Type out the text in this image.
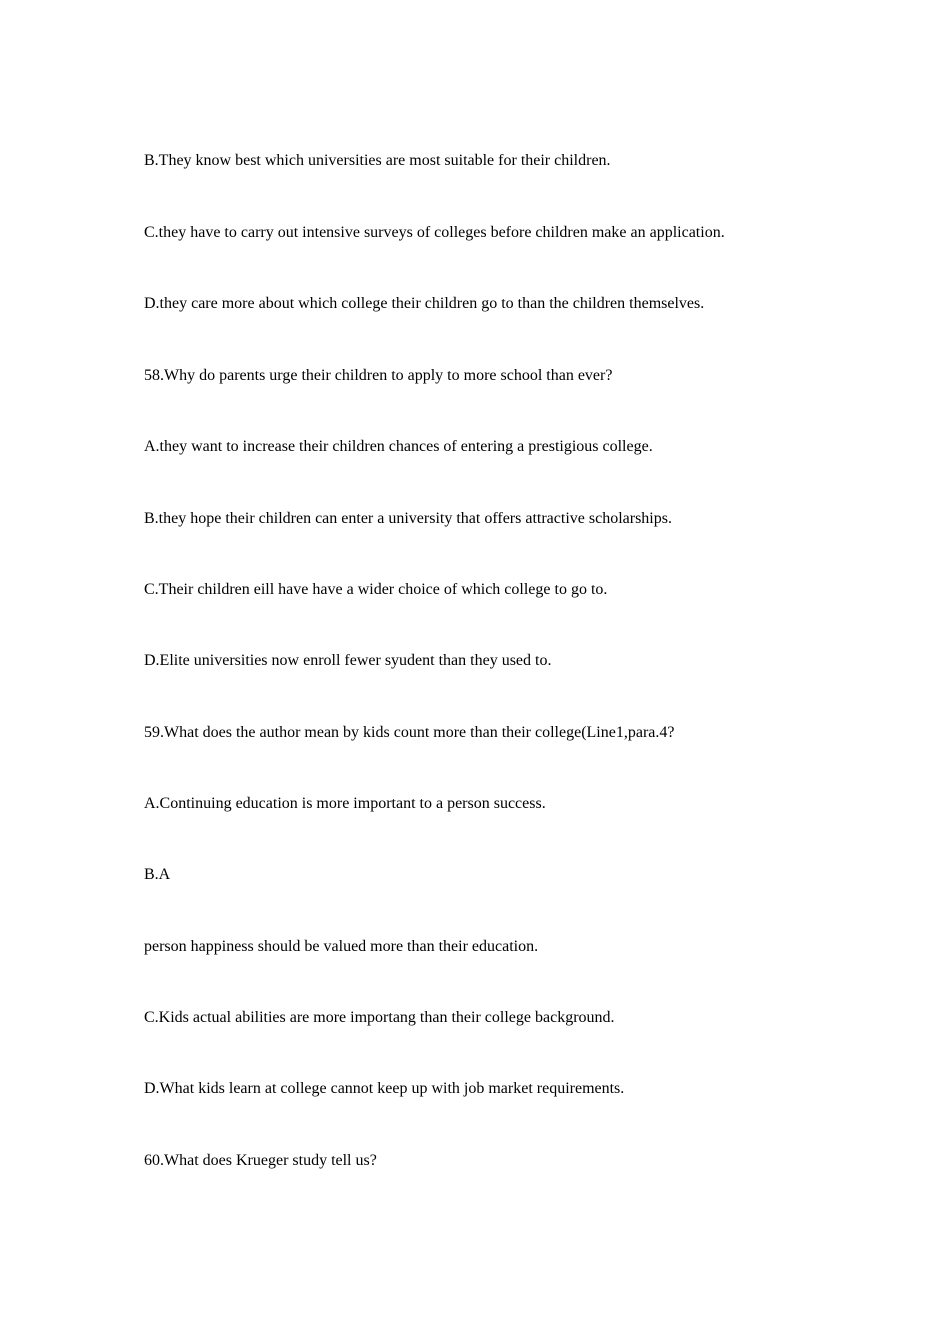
B.They know best which universities are most suitable for their children.
C.they have to carry out intensive surveys of colleges before children make an application.
D.they care more about which college their children go to than the children themselves.
58.Why do parents urge their children to apply to more school than ever?
A.they want to increase their children chances of entering a prestigious college.
B.they hope their children can enter a university that offers attractive scholarships.
C.Their children eill have have a wider choice of which college to go to.
D.Elite universities now enroll fewer syudent than they used to.
59.What does the author mean by kids count more than their college(Line1,para.4?
A.Continuing education is more important to a person success.
B.A
person happiness should be valued more than their education.
C.Kids actual abilities are more importang than their college background.
D.What kids learn at college cannot keep up with job market requirements.
60.What does Krueger study tell us?
